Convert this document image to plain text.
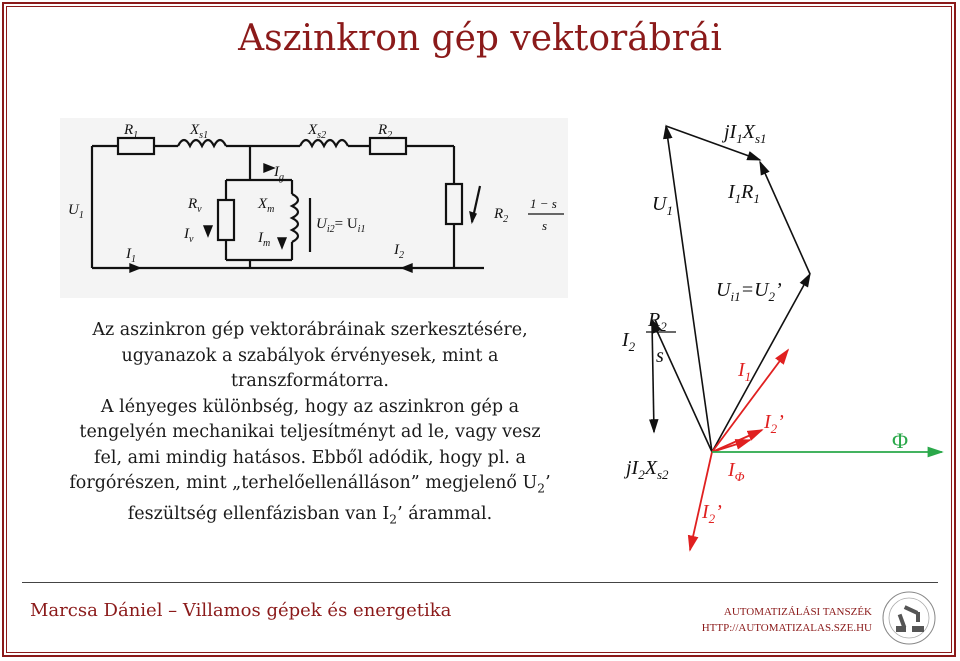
Aszinkron gép vektorábrái
$R_1$	$X_{s1}$	$X_{s2}$	$R_2$
$U_1$
$I_g$
$R_v$	$X_m$
$I_v$	$I_m$
$U_{i2}= U_{i1}$
$I_1$
$I_2$
$R_2$
1 − s
s
Az aszinkron gép vektorábráinak szerkesztésére,
ugyanazok a szabályok érvényesek, mint a
transzformátorra.
A lényeges különbség, hogy az aszinkron gép a
tengelyén mechanikai teljesítményt ad le, vagy vesz
fel, ami mindig hatásos. Ebből adódik, hogy pl. a
forgórészen, mint „terhelőellenálláson” megjelenő $U_2$’
feszültség ellenfázisban van $I_2$’ árammal.
$jI_1X_{s1}$
$U_1$
$I_1R_1$
$U_{i1}=U_2$’
$I_2$
$R_2$
s
$jI_2X_{s2}$
$I_1$
$I_2$’
$I_\Phi$
$I_2$’
Φ
Marcsa Dániel – Villamos gépek és energetika	AUTOMATIZÁLÁSI TANSZÉK
HTTP://AUTOMATIZALAS.SZE.HU
